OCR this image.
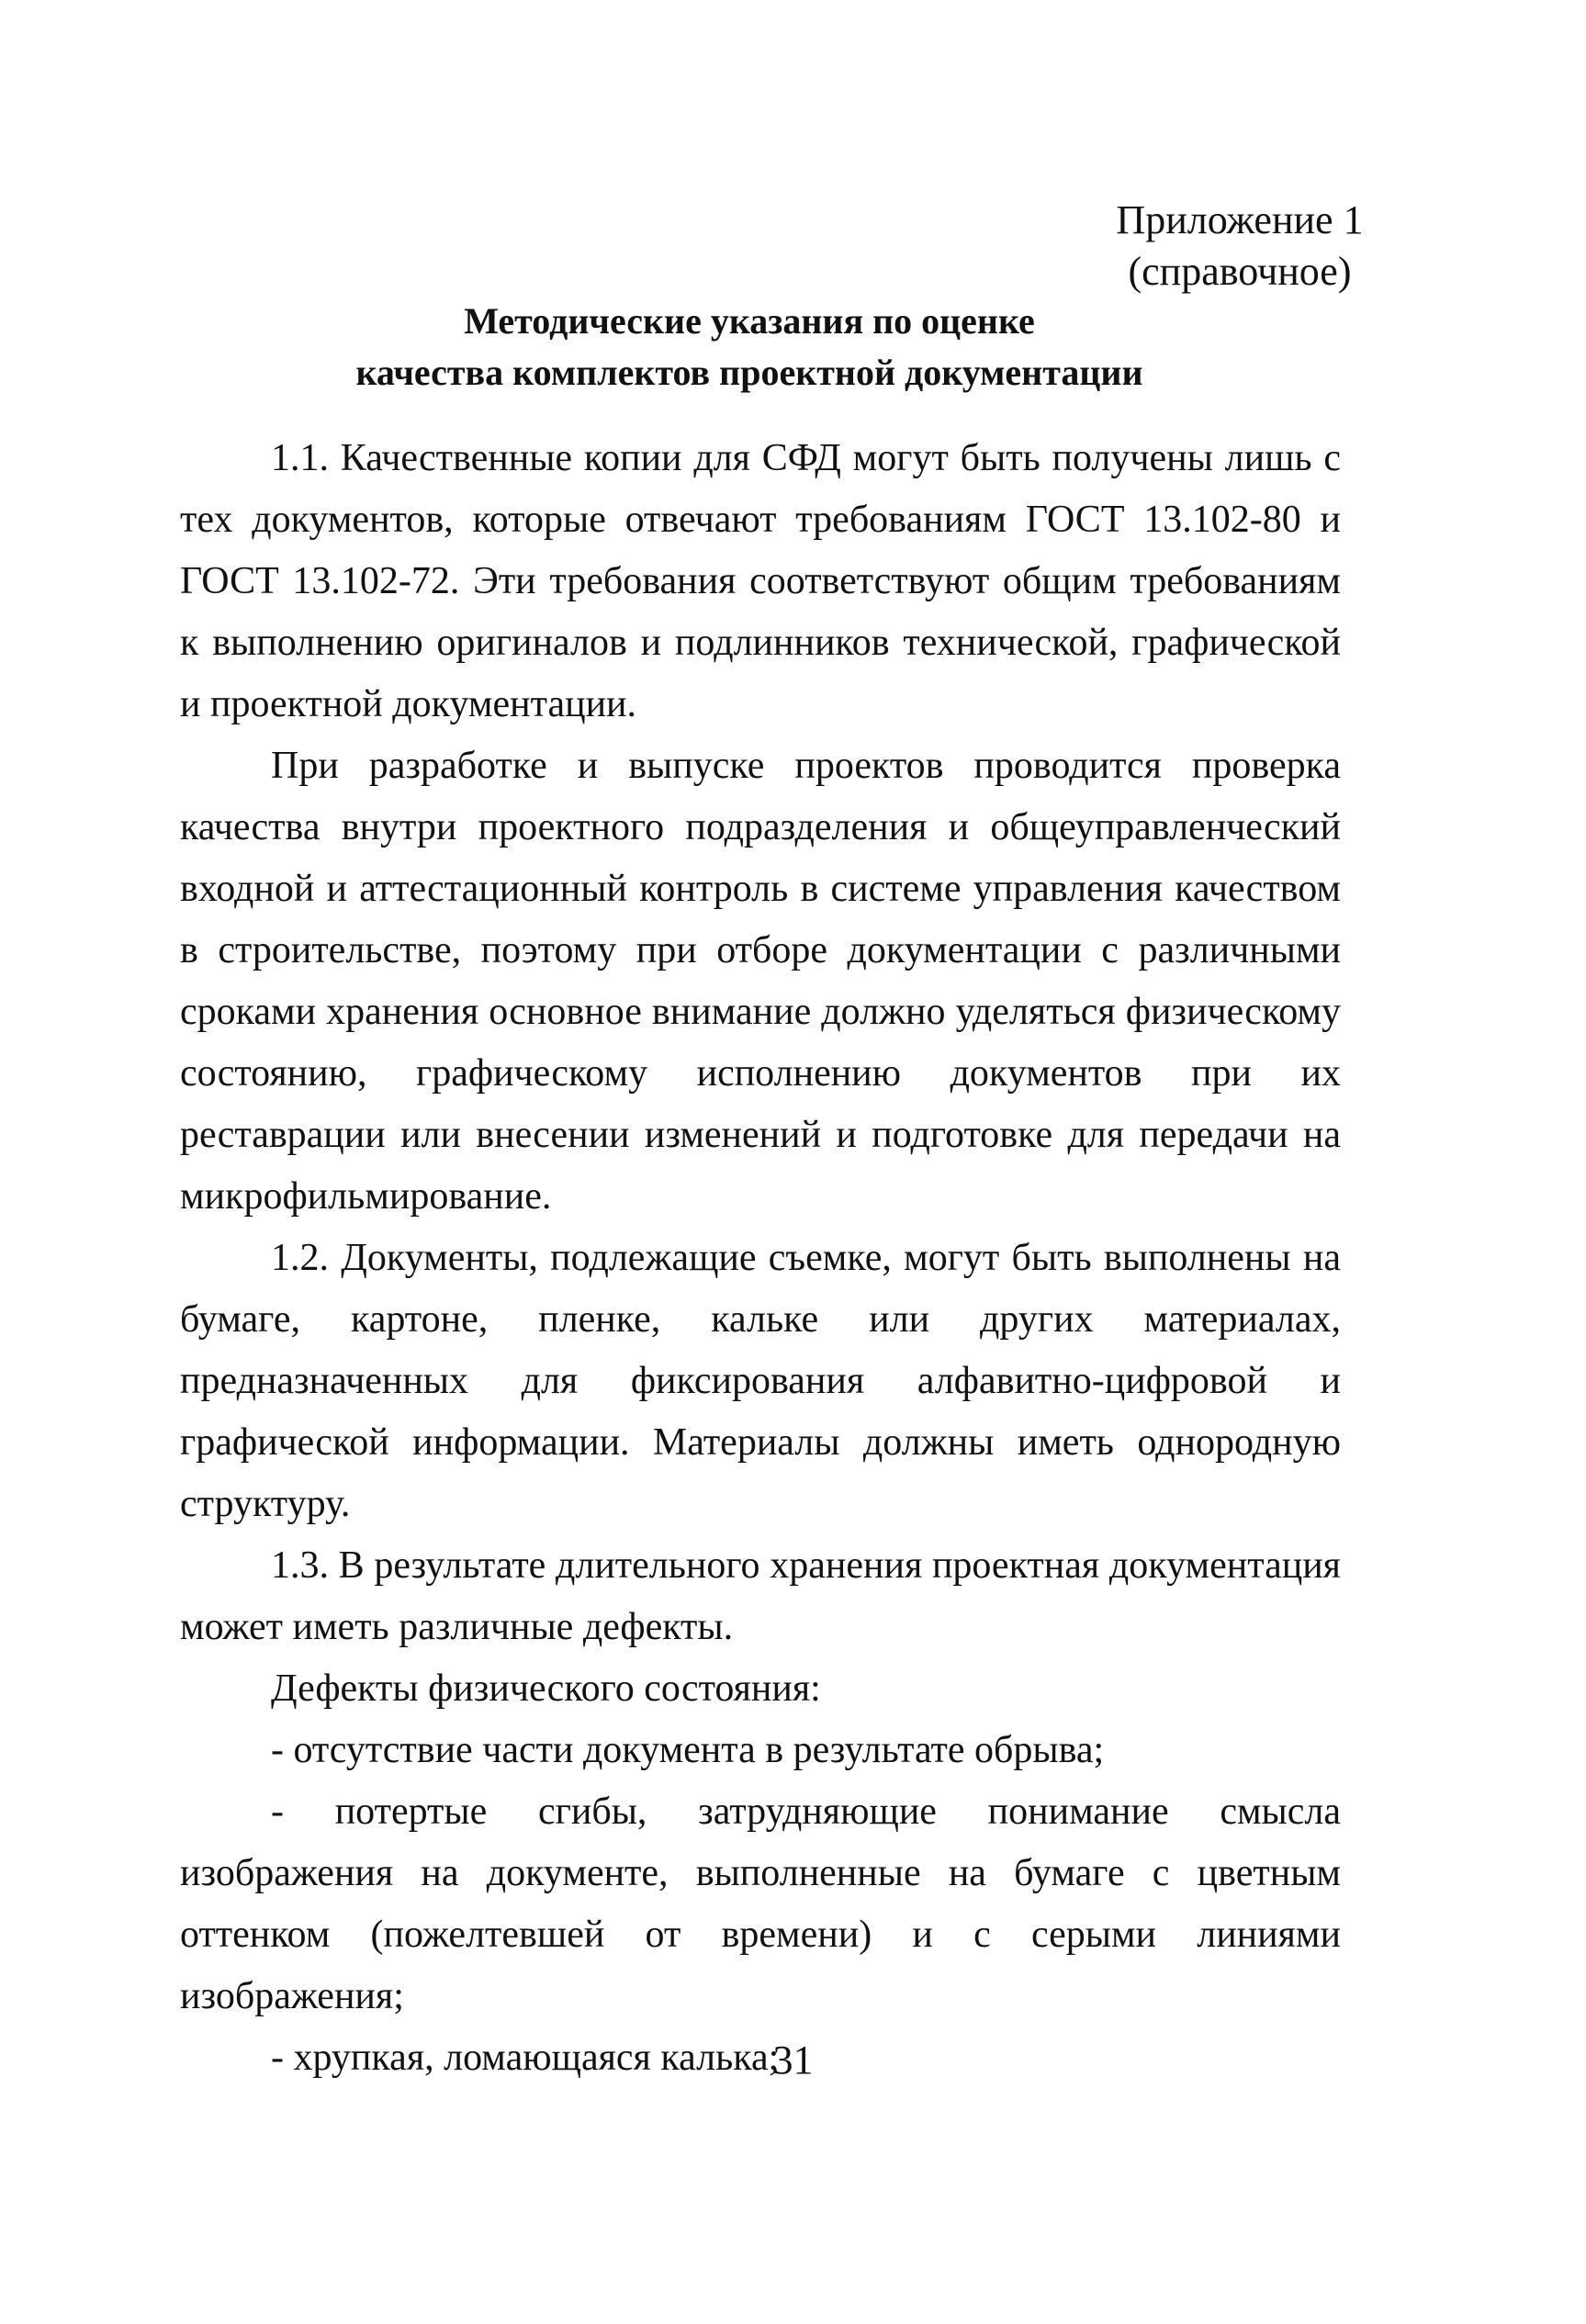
Приложение 1
(справочное)
Методические указания по оценке
качества комплектов проектной документации

1.1. Качественные копии для СФД могут быть получены лишь с тех документов, которые отвечают требованиям ГОСТ 13.102-80 и ГОСТ 13.102-72. Эти требования соответствуют общим требованиям к выполнению оригиналов и подлинников технической, графической и проектной документации.

При разработке и выпуске проектов проводится проверка качества внутри проектного подразделения и общеуправленческий входной и аттестационный контроль в системе управления качеством в строительстве, поэтому при отборе документации с различными сроками хранения основное внимание должно уделяться физическому состоянию, графическому исполнению документов при их реставрации или внесении изменений и подготовке для передачи на микрофильмирование.

1.2. Документы, подлежащие съемке, могут быть выполнены на бумаге, картоне, пленке, кальке или других материалах, предназначенных для фиксирования алфавитно-цифровой и графической информации. Материалы должны иметь однородную структуру.

1.3. В результате длительного хранения проектная документация может иметь различные дефекты.

Дефекты физического состояния:

- отсутствие части документа в результате обрыва;

- потертые сгибы, затрудняющие понимание смысла изображения на документе, выполненные на бумаге с цветным оттенком (пожелтевшей от времени) и с серыми линиями изображения;

- хрупкая, ломающаяся калька;

31
